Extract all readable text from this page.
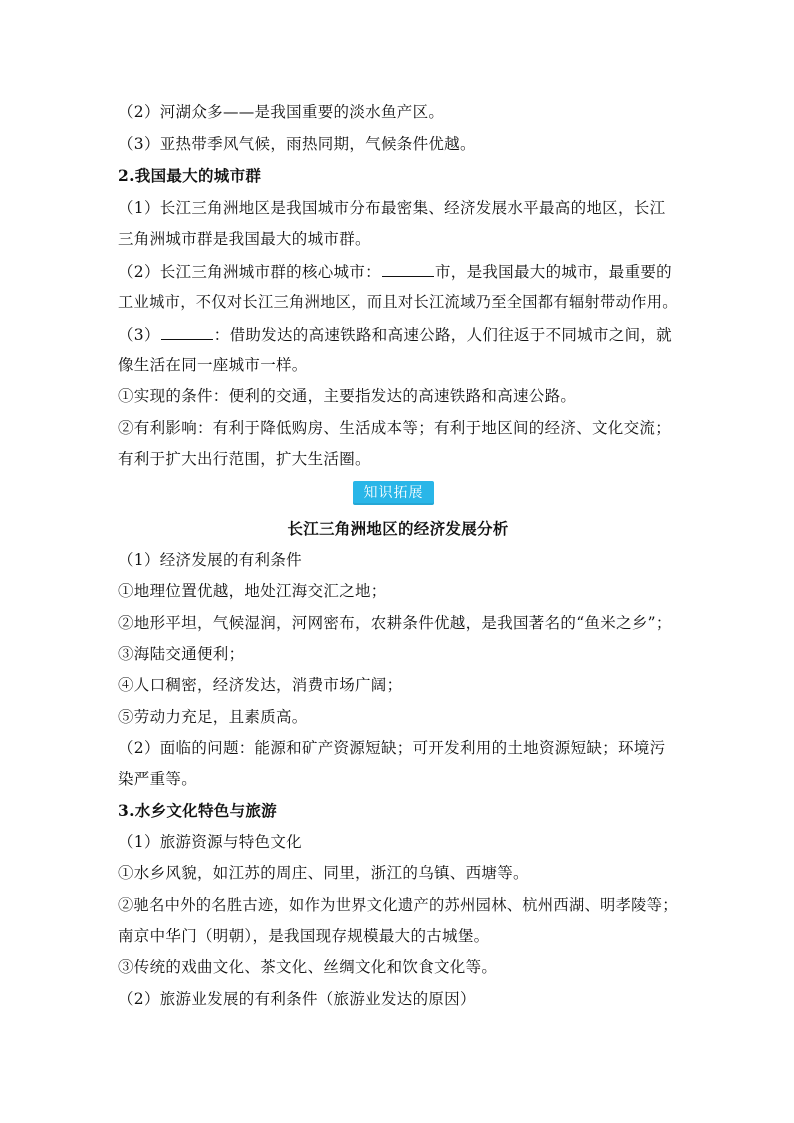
（2）河湖众多——是我国重要的淡水鱼产区。
（3）亚热带季风气候，雨热同期，气候条件优越。
2.我国最大的城市群
（1）长江三角洲地区是我国城市分布最密集、经济发展水平最高的地区，长江
三角洲城市群是我国最大的城市群。
（2）长江三角洲城市群的核心城市：	市，是我国最大的城市，最重要的
工业城市，不仅对长江三角洲地区，而且对长江流域乃至全国都有辐射带动作用。
（3）	：借助发达的高速铁路和高速公路，人们往返于不同城市之间，就
像生活在同一座城市一样。
①实现的条件：便利的交通，主要指发达的高速铁路和高速公路。
②有利影响：有利于降低购房、生活成本等；有利于地区间的经济、文化交流；
有利于扩大出行范围，扩大生活圈。
知识拓展
长江三角洲地区的经济发展分析
（1）经济发展的有利条件
①地理位置优越，地处江海交汇之地；
②地形平坦，气候湿润，河网密布，农耕条件优越，是我国著名的“鱼米之乡”；
③海陆交通便利；
④人口稠密，经济发达，消费市场广阔；
⑤劳动力充足，且素质高。
（2）面临的问题：能源和矿产资源短缺；可开发利用的土地资源短缺；环境污
染严重等。
3.水乡文化特色与旅游
（1）旅游资源与特色文化
①水乡风貌，如江苏的周庄、同里，浙江的乌镇、西塘等。
②驰名中外的名胜古迹，如作为世界文化遗产的苏州园林、杭州西湖、明孝陵等；
南京中华门（明朝），是我国现存规模最大的古城堡。
③传统的戏曲文化、茶文化、丝绸文化和饮食文化等。
（2）旅游业发展的有利条件（旅游业发达的原因）
